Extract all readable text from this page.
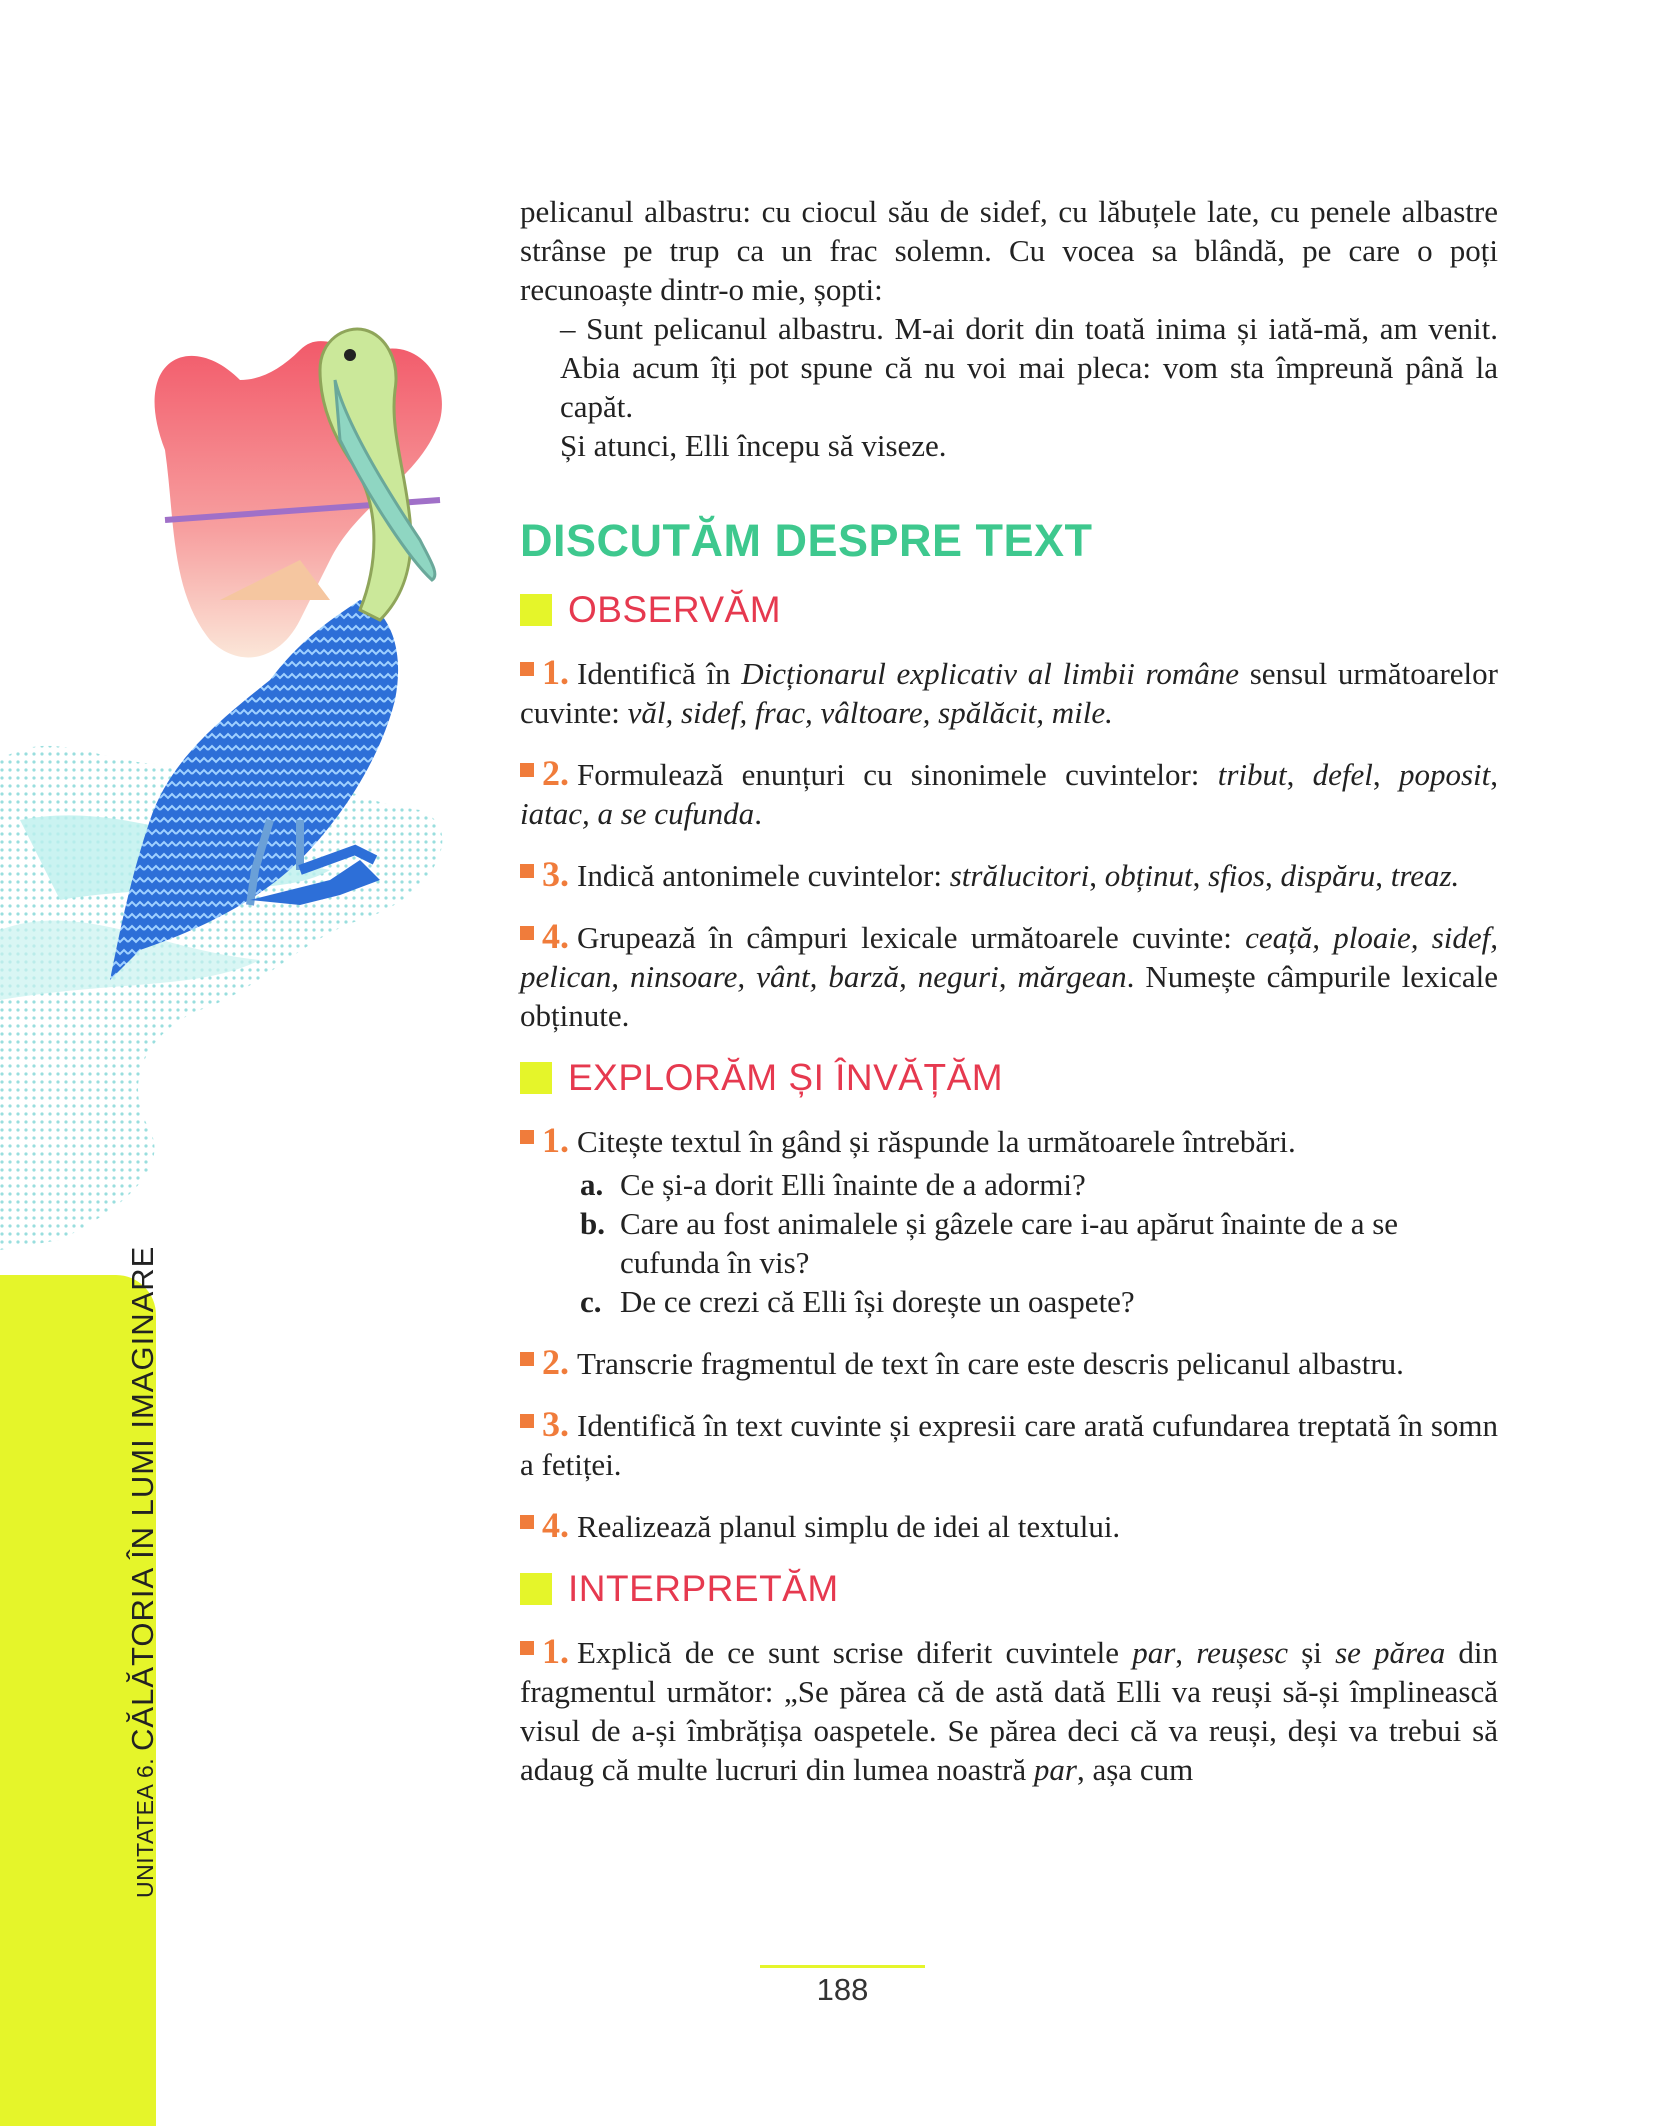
UNITATEA 6. CĂLĂTORIA ÎN LUMI IMAGINARE

pelicanul albastru: cu ciocul său de sidef, cu lăbuțele late, cu penele albastre strânse pe trup ca un frac solemn. Cu vocea sa blândă, pe care o poți recunoaște dintr-o mie, șopti:

– Sunt pelicanul albastru. M-ai dorit din toată inima și iată-mă, am venit. Abia acum îți pot spune că nu voi mai pleca: vom sta împreună până la capăt.

Și atunci, Elli începu să viseze.

DISCUTĂM DESPRE TEXT
OBSERVĂM
1. Identifică în Dicționarul explicativ al limbii române sensul următoarelor cuvinte: văl, sidef, frac, vâltoare, spălăcit, mile.
2. Formulează enunțuri cu sinonimele cuvintelor: tribut, defel, poposit, iatac, a se cufunda.
3. Indică antonimele cuvintelor: strălucitori, obținut, sfios, dispăru, treaz.
4. Grupează în câmpuri lexicale următoarele cuvinte: ceață, ploaie, sidef, pelican, ninsoare, vânt, barză, neguri, mărgean. Numește câmpurile lexicale obținute.
EXPLORĂM ȘI ÎNVĂȚĂM
1. Citește textul în gând și răspunde la următoarele întrebări.
a. Ce și-a dorit Elli înainte de a adormi?
b. Care au fost animalele și gâzele care i-au apărut înainte de a se cufunda în vis?
c. De ce crezi că Elli își dorește un oaspete?
2. Transcrie fragmentul de text în care este descris pelicanul albastru.
3. Identifică în text cuvinte și expresii care arată cufundarea treptată în somn a fetiței.
4. Realizează planul simplu de idei al textului.
INTERPRETĂM
1. Explică de ce sunt scrise diferit cuvintele par, reușesc și se părea din fragmentul următor: „Se părea că de astă dată Elli va reuși să-și împlinească visul de a-și îmbrățișa oaspetele. Se părea deci că va reuși, deși va trebui să adaug că multe lucruri din lumea noastră par, așa cum
188
